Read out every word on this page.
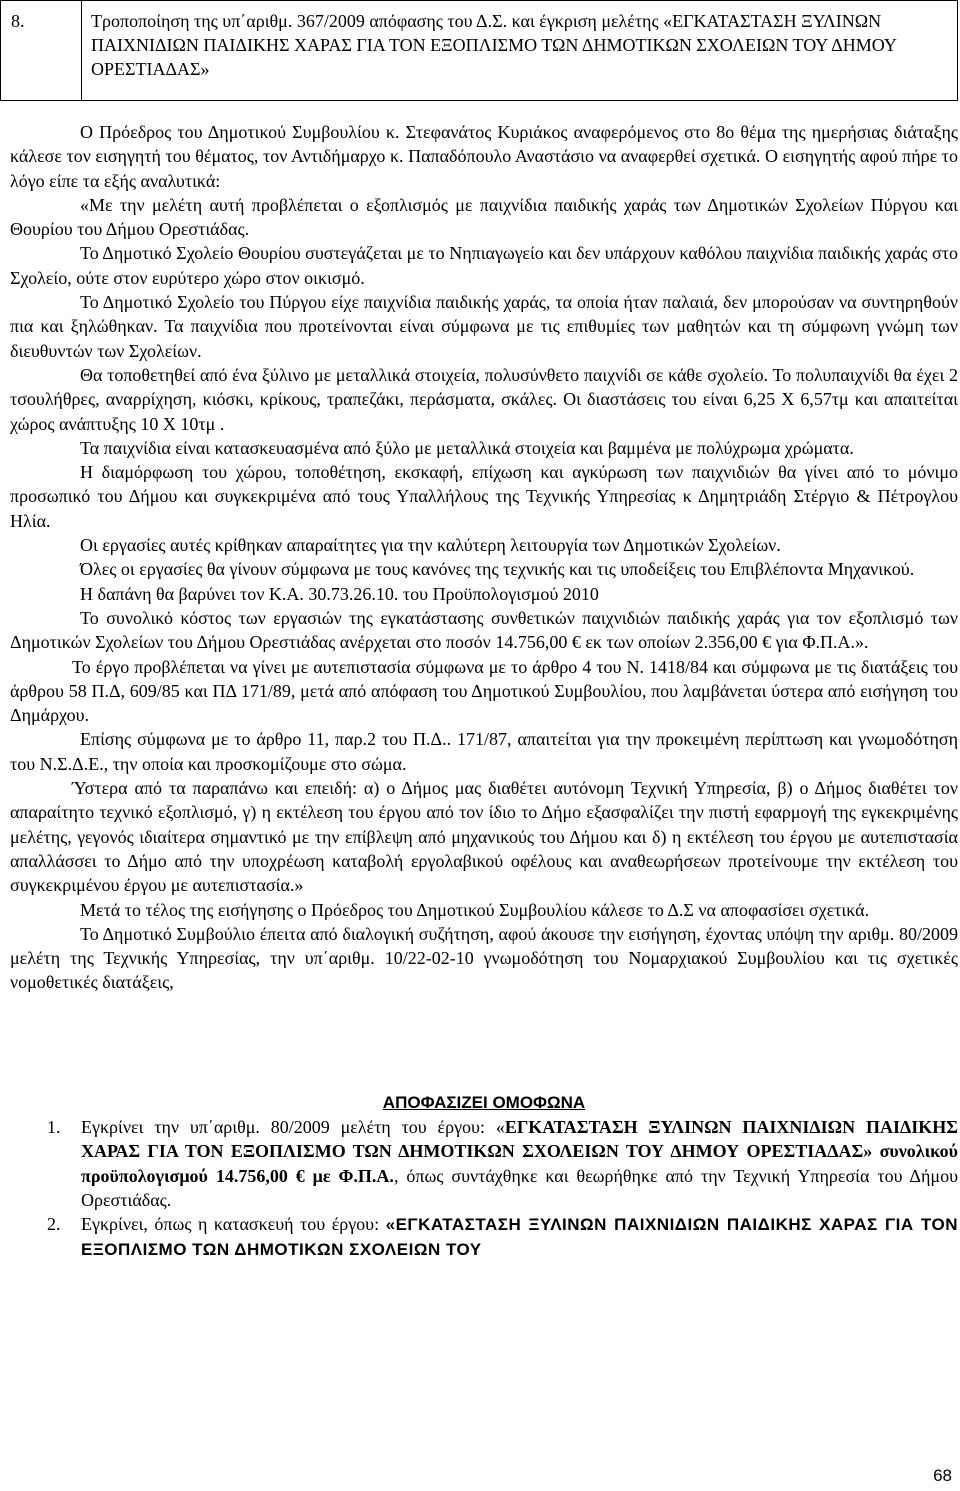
8.	Τροποποίηση της υπ΄αριθμ. 367/2009 απόφασης του Δ.Σ. και έγκριση μελέτης «ΕΓΚΑΤΑΣΤΑΣΗ ΞΥΛΙΝΩΝ ΠΑΙΧΝΙΔΙΩΝ ΠΑΙΔΙΚΗΣ ΧΑΡΑΣ ΓΙΑ ΤΟΝ ΕΞΟΠΛΙΣΜΟ ΤΩΝ ΔΗΜΟΤΙΚΩΝ ΣΧΟΛΕΙΩΝ ΤΟΥ ΔΗΜΟΥ ΟΡΕΣΤΙΑΔΑΣ»

Ο Πρόεδρος του Δημοτικού Συμβουλίου κ. Στεφανάτος Κυριάκος αναφερόμενος στο 8ο θέμα της ημερήσιας διάταξης κάλεσε τον εισηγητή του θέματος, τον Αντιδήμαρχο κ. Παπαδόπουλο Αναστάσιο να αναφερθεί σχετικά. Ο εισηγητής αφού πήρε το λόγο είπε τα εξής αναλυτικά:

«Με την μελέτη αυτή προβλέπεται ο εξοπλισμός με παιχνίδια παιδικής χαράς των Δημοτικών Σχολείων Πύργου και Θουρίου του Δήμου Ορεστιάδας.

Το Δημοτικό Σχολείο Θουρίου συστεγάζεται με το Νηπιαγωγείο και δεν υπάρχουν καθόλου παιχνίδια παιδικής χαράς στο Σχολείο, ούτε στον ευρύτερο χώρο στον οικισμό.

Το Δημοτικό Σχολείο του Πύργου είχε παιχνίδια παιδικής χαράς, τα οποία ήταν παλαιά, δεν μπορούσαν να συντηρηθούν πια και ξηλώθηκαν. Τα παιχνίδια που προτείνονται είναι σύμφωνα με τις επιθυμίες των μαθητών και τη σύμφωνη γνώμη των διευθυντών των Σχολείων.

Θα τοποθετηθεί από ένα ξύλινο με μεταλλικά στοιχεία, πολυσύνθετο παιχνίδι σε κάθε σχολείο. Το πολυπαιχνίδι θα έχει 2 τσουλήθρες, αναρρίχηση, κιόσκι, κρίκους, τραπεζάκι, περάσματα, σκάλες. Οι διαστάσεις του είναι 6,25 Χ 6,57τμ και απαιτείται χώρος ανάπτυξης 10 Χ 10τμ .

Τα παιχνίδια είναι κατασκευασμένα από ξύλο με μεταλλικά στοιχεία και βαμμένα με πολύχρωμα χρώματα.

Η διαμόρφωση του χώρου, τοποθέτηση, εκσκαφή, επίχωση και αγκύρωση των παιχνιδιών θα γίνει από το μόνιμο προσωπικό του Δήμου και συγκεκριμένα από τους Υπαλλήλους της Τεχνικής Υπηρεσίας κ Δημητριάδη Στέργιο & Πέτρογλου Ηλία.

Οι εργασίες αυτές κρίθηκαν απαραίτητες για την καλύτερη λειτουργία των Δημοτικών Σχολείων.

Όλες οι εργασίες θα γίνουν σύμφωνα με τους κανόνες της τεχνικής και τις υποδείξεις του Επιβλέποντα Μηχανικού.

Η δαπάνη θα βαρύνει τον Κ.Α. 30.73.26.10. του Προϋπολογισμού 2010

Το συνολικό κόστος των εργασιών της εγκατάστασης συνθετικών παιχνιδιών παιδικής χαράς για τον εξοπλισμό των Δημοτικών Σχολείων του Δήμου Ορεστιάδας ανέρχεται στο ποσόν 14.756,00 € εκ των οποίων 2.356,00 € για Φ.Π.Α.».

Το έργο προβλέπεται να γίνει με αυτεπιστασία σύμφωνα με το άρθρο 4 του Ν. 1418/84 και σύμφωνα με τις διατάξεις του άρθρου 58 Π.Δ, 609/85 και ΠΔ 171/89, μετά από απόφαση του Δημοτικού Συμβουλίου, που λαμβάνεται ύστερα από εισήγηση του Δημάρχου.

Επίσης σύμφωνα με το άρθρο 11, παρ.2 του Π.Δ.. 171/87, απαιτείται για την προκειμένη περίπτωση και γνωμοδότηση του Ν.Σ.Δ.Ε., την οποία και προσκομίζουμε στο σώμα.

Ύστερα από τα παραπάνω και επειδή: α) ο Δήμος μας διαθέτει αυτόνομη Τεχνική Υπηρεσία, β) ο Δήμος διαθέτει τον απαραίτητο τεχνικό εξοπλισμό, γ) η εκτέλεση του έργου από τον ίδιο το Δήμο εξασφαλίζει την πιστή εφαρμογή της εγκεκριμένης μελέτης, γεγονός ιδιαίτερα σημαντικό με την επίβλεψη από μηχανικούς του Δήμου και δ) η εκτέλεση του έργου με αυτεπιστασία απαλλάσσει το Δήμο από την υποχρέωση καταβολή εργολαβικού οφέλους και αναθεωρήσεων προτείνουμε την εκτέλεση του συγκεκριμένου έργου με αυτεπιστασία.»

Μετά το τέλος της εισήγησης ο Πρόεδρος του Δημοτικού Συμβουλίου κάλεσε το Δ.Σ να αποφασίσει σχετικά.

Το Δημοτικό Συμβούλιο έπειτα από διαλογική συζήτηση, αφού άκουσε την εισήγηση, έχοντας υπόψη την αριθμ. 80/2009 μελέτη της Τεχνικής Υπηρεσίας, την υπ΄αριθμ. 10/22-02-10 γνωμοδότηση του Νομαρχιακού Συμβουλίου και τις σχετικές νομοθετικές διατάξεις,

ΑΠΟΦΑΣΙΖΕΙ ΟΜΟΦΩΝΑ

1. Εγκρίνει την υπ΄αριθμ. 80/2009 μελέτη του έργου: «ΕΓΚΑΤΑΣΤΑΣΗ ΞΥΛΙΝΩΝ ΠΑΙΧΝΙΔΙΩΝ ΠΑΙΔΙΚΗΣ ΧΑΡΑΣ ΓΙΑ ΤΟΝ ΕΞΟΠΛΙΣΜΟ ΤΩΝ ΔΗΜΟΤΙΚΩΝ ΣΧΟΛΕΙΩΝ ΤΟΥ ΔΗΜΟΥ ΟΡΕΣΤΙΑΔΑΣ» συνολικού προϋπολογισμού 14.756,00 € με Φ.Π.Α., όπως συντάχθηκε και θεωρήθηκε από την Τεχνική Υπηρεσία του Δήμου Ορεστιάδας.

2. Εγκρίνει, όπως η κατασκευή του έργου: «ΕΓΚΑΤΑΣΤΑΣΗ ΞΥΛΙΝΩΝ ΠΑΙΧΝΙΔΙΩΝ ΠΑΙΔΙΚΗΣ ΧΑΡΑΣ ΓΙΑ ΤΟΝ ΕΞΟΠΛΙΣΜΟ ΤΩΝ ΔΗΜΟΤΙΚΩΝ ΣΧΟΛΕΙΩΝ ΤΟΥ

68
